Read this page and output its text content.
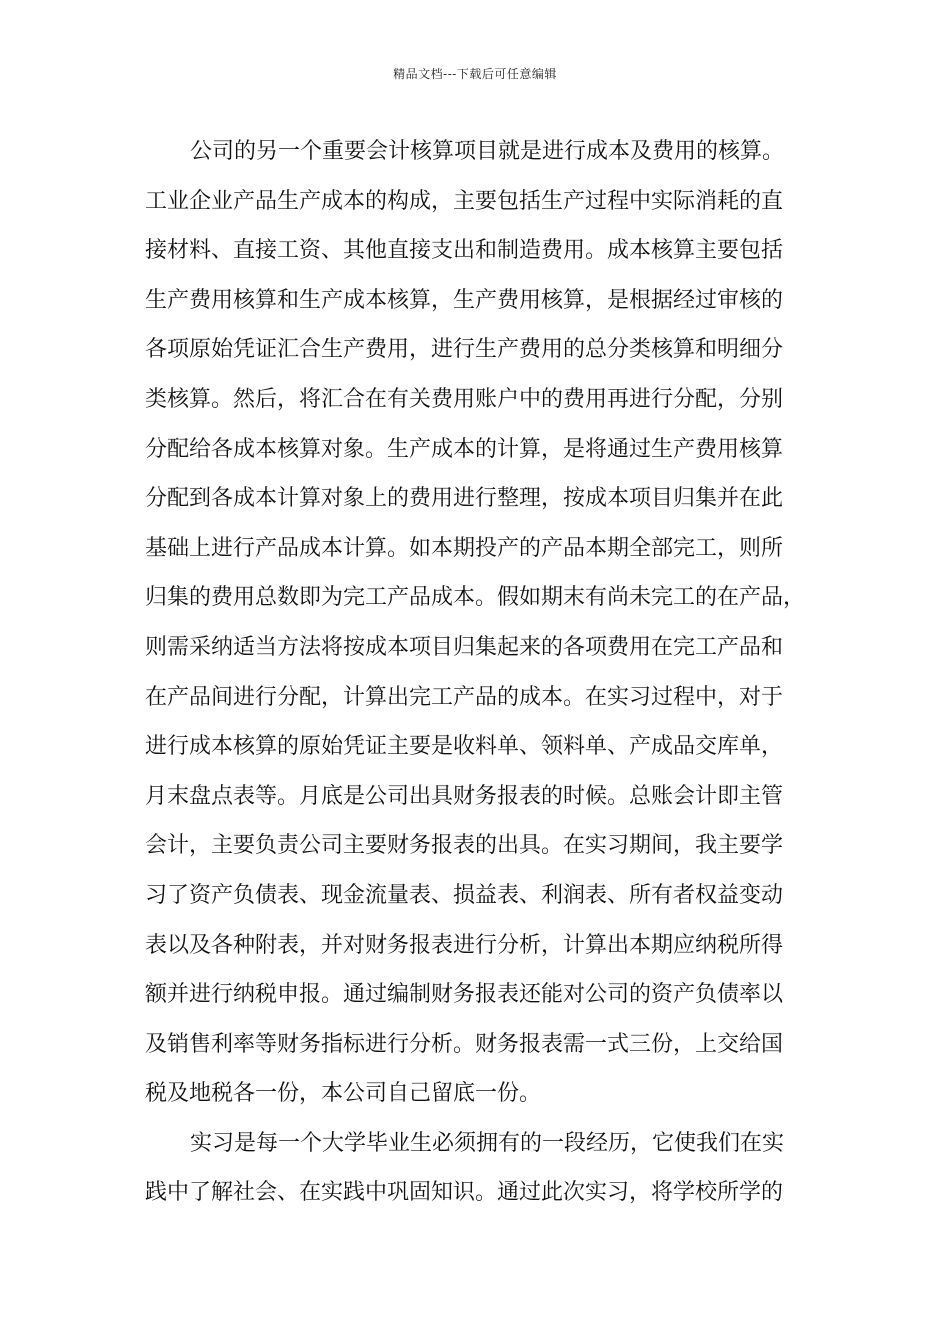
精品文档---下载后可任意编辑
公司的另一个重要会计核算项目就是进行成本及费用的核算。
工业企业产品生产成本的构成，主要包括生产过程中实际消耗的直
接材料、直接工资、其他直接支出和制造费用。成本核算主要包括
生产费用核算和生产成本核算，生产费用核算，是根据经过审核的
各项原始凭证汇合生产费用，进行生产费用的总分类核算和明细分
类核算。然后，将汇合在有关费用账户中的费用再进行分配，分别
分配给各成本核算对象。生产成本的计算，是将通过生产费用核算
分配到各成本计算对象上的费用进行整理，按成本项目归集并在此
基础上进行产品成本计算。如本期投产的产品本期全部完工，则所
归集的费用总数即为完工产品成本。假如期末有尚未完工的在产品，
则需采纳适当方法将按成本项目归集起来的各项费用在完工产品和
在产品间进行分配，计算出完工产品的成本。在实习过程中，对于
进行成本核算的原始凭证主要是收料单、领料单、产成品交库单，
月末盘点表等。月底是公司出具财务报表的时候。总账会计即主管
会计，主要负责公司主要财务报表的出具。在实习期间，我主要学
习了资产负债表、现金流量表、损益表、利润表、所有者权益变动
表以及各种附表，并对财务报表进行分析，计算出本期应纳税所得
额并进行纳税申报。通过编制财务报表还能对公司的资产负债率以
及销售利率等财务指标进行分析。财务报表需一式三份，上交给国
税及地税各一份，本公司自己留底一份。
实习是每一个大学毕业生必须拥有的一段经历，它使我们在实
践中了解社会、在实践中巩固知识。通过此次实习，将学校所学的
